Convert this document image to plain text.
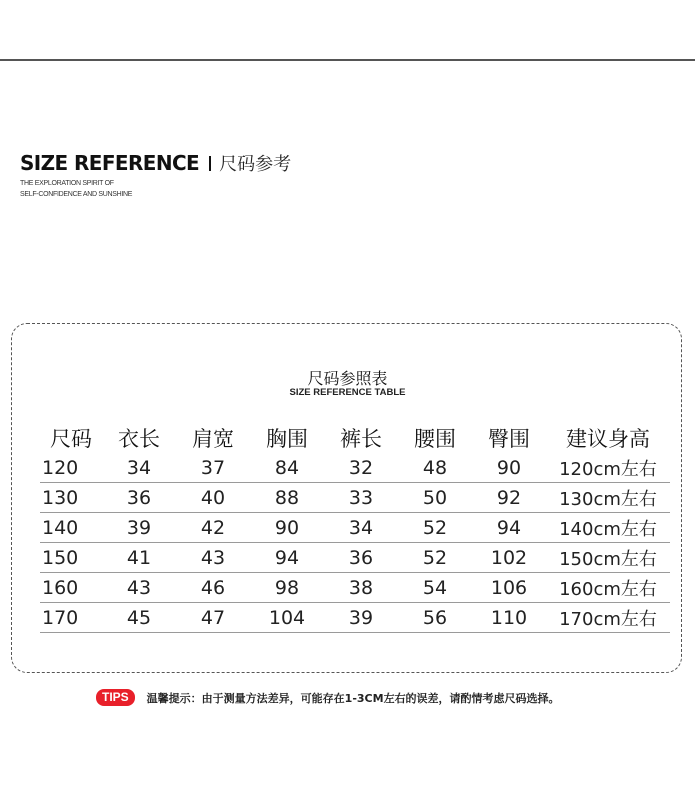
SIZE REFERENCE 尺码参考
THE EXPLORATION SPIRIT OF
SELF-CONFIDENCE AND SUNSHINE
尺码参照表
SIZE REFERENCE TABLE
尺码	衣长	肩宽	胸围	裤长	腰围	臀围	建议身高
120	34	37	84	32	48	90	120cm左右
130	36	40	88	33	50	92	130cm左右
140	39	42	90	34	52	94	140cm左右
150	41	43	94	36	52	102	150cm左右
160	43	46	98	38	54	106	160cm左右
170	45	47	104	39	56	110	170cm左右
TIPS	温馨提示：由于测量方法差异，可能存在1-3CM左右的误差，请酌情考虑尺码选择。
